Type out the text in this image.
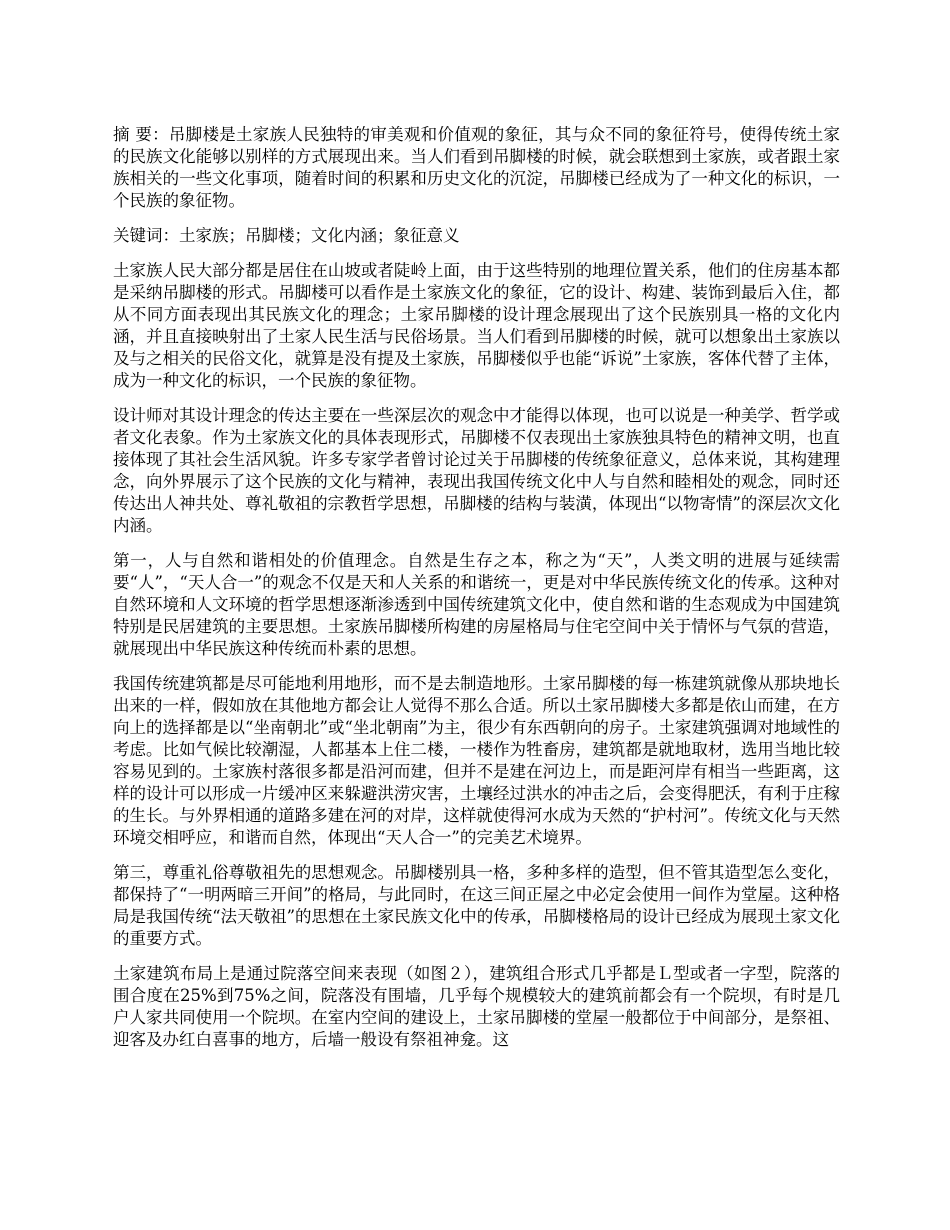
摘 要：吊脚楼是土家族人民独特的审美观和价值观的象征，其与众不同的象征符号，使得传统土家的民族文化能够以别样的方式展现出来。当人们看到吊脚楼的时候，就会联想到土家族，或者跟土家族相关的一些文化事项，随着时间的积累和历史文化的沉淀，吊脚楼已经成为了一种文化的标识，一个民族的象征物。

关键词：土家族；吊脚楼；文化内涵；象征意义

土家族人民大部分都是居住在山坡或者陡岭上面，由于这些特别的地理位置关系，他们的住房基本都是采纳吊脚楼的形式。吊脚楼可以看作是土家族文化的象征，它的设计、构建、装饰到最后入住，都从不同方面表现出其民族文化的理念；土家吊脚楼的设计理念展现出了这个民族别具一格的文化内涵，并且直接映射出了土家人民生活与民俗场景。当人们看到吊脚楼的时候，就可以想象出土家族以及与之相关的民俗文化，就算是没有提及土家族，吊脚楼似乎也能“诉说”土家族，客体代替了主体，成为一种文化的标识，一个民族的象征物。

设计师对其设计理念的传达主要在一些深层次的观念中才能得以体现，也可以说是一种美学、哲学或者文化表象。作为土家族文化的具体表现形式，吊脚楼不仅表现出土家族独具特色的精神文明，也直接体现了其社会生活风貌。许多专家学者曾讨论过关于吊脚楼的传统象征意义，总体来说，其构建理念，向外界展示了这个民族的文化与精神，表现出我国传统文化中人与自然和睦相处的观念，同时还传达出人神共处、尊礼敬祖的宗教哲学思想，吊脚楼的结构与装潢，体现出“以物寄情”的深层次文化内涵。

第一，人与自然和谐相处的价值理念。自然是生存之本，称之为“天”，人类文明的进展与延续需要“人”，“天人合一”的观念不仅是天和人关系的和谐统一，更是对中华民族传统文化的传承。这种对自然环境和人文环境的哲学思想逐渐渗透到中国传统建筑文化中，使自然和谐的生态观成为中国建筑特别是民居建筑的主要思想。土家族吊脚楼所构建的房屋格局与住宅空间中关于情怀与气氛的营造，就展现出中华民族这种传统而朴素的思想。

我国传统建筑都是尽可能地利用地形，而不是去制造地形。土家吊脚楼的每一栋建筑就像从那块地长出来的一样，假如放在其他地方都会让人觉得不那么合适。所以土家吊脚楼大多都是依山而建，在方向上的选择都是以“坐南朝北”或“坐北朝南”为主，很少有东西朝向的房子。土家建筑强调对地域性的考虑。比如气候比较潮湿，人都基本上住二楼，一楼作为牲畜房，建筑都是就地取材，选用当地比较容易见到的。土家族村落很多都是沿河而建，但并不是建在河边上，而是距河岸有相当一些距离，这样的设计可以形成一片缓冲区来躲避洪涝灾害，土壤经过洪水的冲击之后，会变得肥沃，有利于庄稼的生长。与外界相通的道路多建在河的对岸，这样就使得河水成为天然的“护村河”。传统文化与天然环境交相呼应，和谐而自然，体现出“天人合一”的完美艺术境界。

第三，尊重礼俗尊敬祖先的思想观念。吊脚楼别具一格，多种多样的造型，但不管其造型怎么变化，都保持了“一明两暗三开间”的格局，与此同时，在这三间正屋之中必定会使用一间作为堂屋。这种格局是我国传统“法天敬祖”的思想在土家民族文化中的传承，吊脚楼格局的设计已经成为展现土家文化的重要方式。

土家建筑布局上是通过院落空间来表现（如图２），建筑组合形式几乎都是Ｌ型或者一字型，院落的围合度在25%到75%之间，院落没有围墙，几乎每个规模较大的建筑前都会有一个院坝，有时是几户人家共同使用一个院坝。在室内空间的建设上，土家吊脚楼的堂屋一般都位于中间部分，是祭祖、迎客及办红白喜事的地方，后墙一般设有祭祖神龛。这
